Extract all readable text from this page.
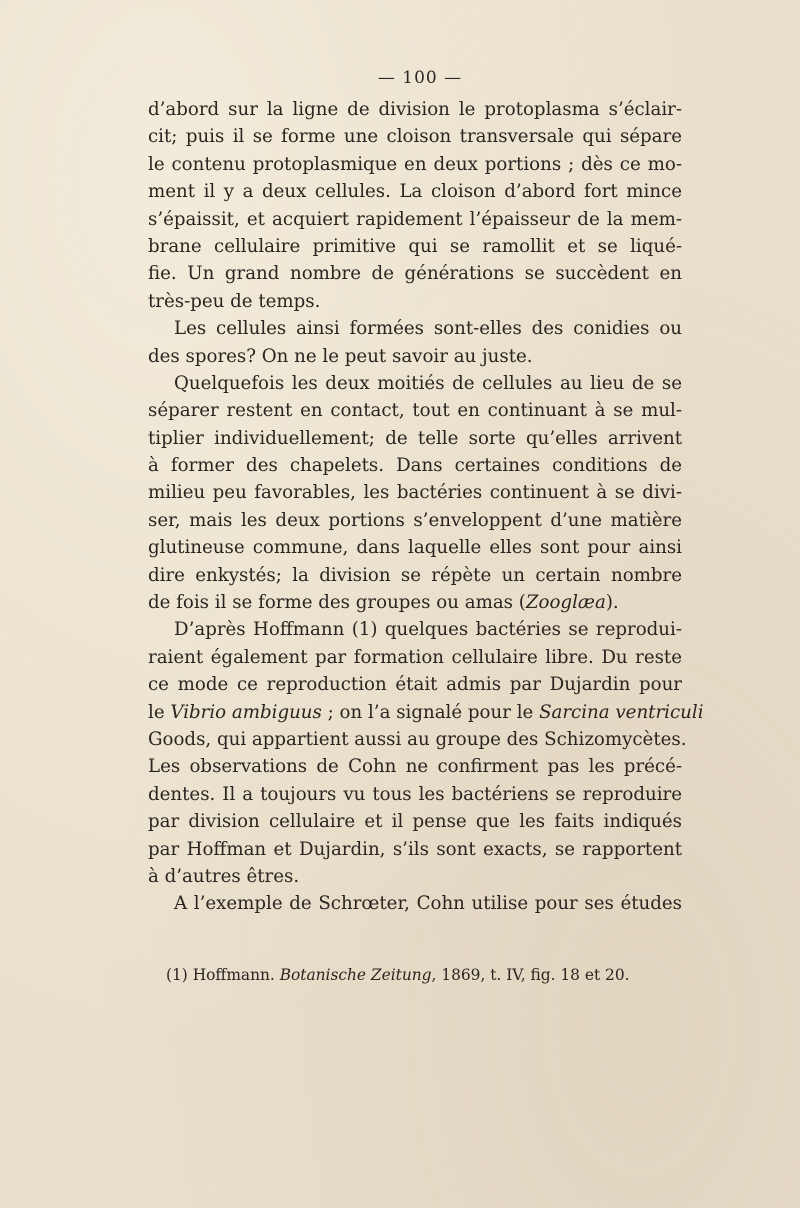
— 100 —
d’abord sur la ligne de division le protoplasma s’éclair-
cit; puis il se forme une cloison transversale qui sépare
le contenu protoplasmique en deux portions ; dès ce mo-
ment il y a deux cellules. La cloison d’abord fort mince
s’épaissit, et acquiert rapidement l’épaisseur de la mem-
brane cellulaire primitive qui se ramollit et se liqué-
fie. Un grand nombre de générations se succèdent en
très-peu de temps.
Les cellules ainsi formées sont-elles des conidies ou
des spores? On ne le peut savoir au juste.
Quelquefois les deux moitiés de cellules au lieu de se
séparer restent en contact, tout en continuant à se mul-
tiplier individuellement; de telle sorte qu’elles arrivent
à former des chapelets. Dans certaines conditions de
milieu peu favorables, les bactéries continuent à se divi-
ser, mais les deux portions s’enveloppent d’une matière
glutineuse commune, dans laquelle elles sont pour ainsi
dire enkystés; la division se répète un certain nombre
de fois il se forme des groupes ou amas (Zooglæa).
D’après Hoffmann (1) quelques bactéries se reprodui-
raient également par formation cellulaire libre. Du reste
ce mode ce reproduction était admis par Dujardin pour
le Vibrio ambiguus ; on l’a signalé pour le Sarcina ventriculi
Goods, qui appartient aussi au groupe des Schizomycètes.
Les observations de Cohn ne confirment pas les précé-
dentes. Il a toujours vu tous les bactériens se reproduire
par division cellulaire et il pense que les faits indiqués
par Hoffman et Dujardin, s’ils sont exacts, se rapportent
à d’autres êtres.
A l’exemple de Schrœter, Cohn utilise pour ses études
(1) Hoffmann. Botanische Zeitung, 1869, t. IV, fig. 18 et 20.
